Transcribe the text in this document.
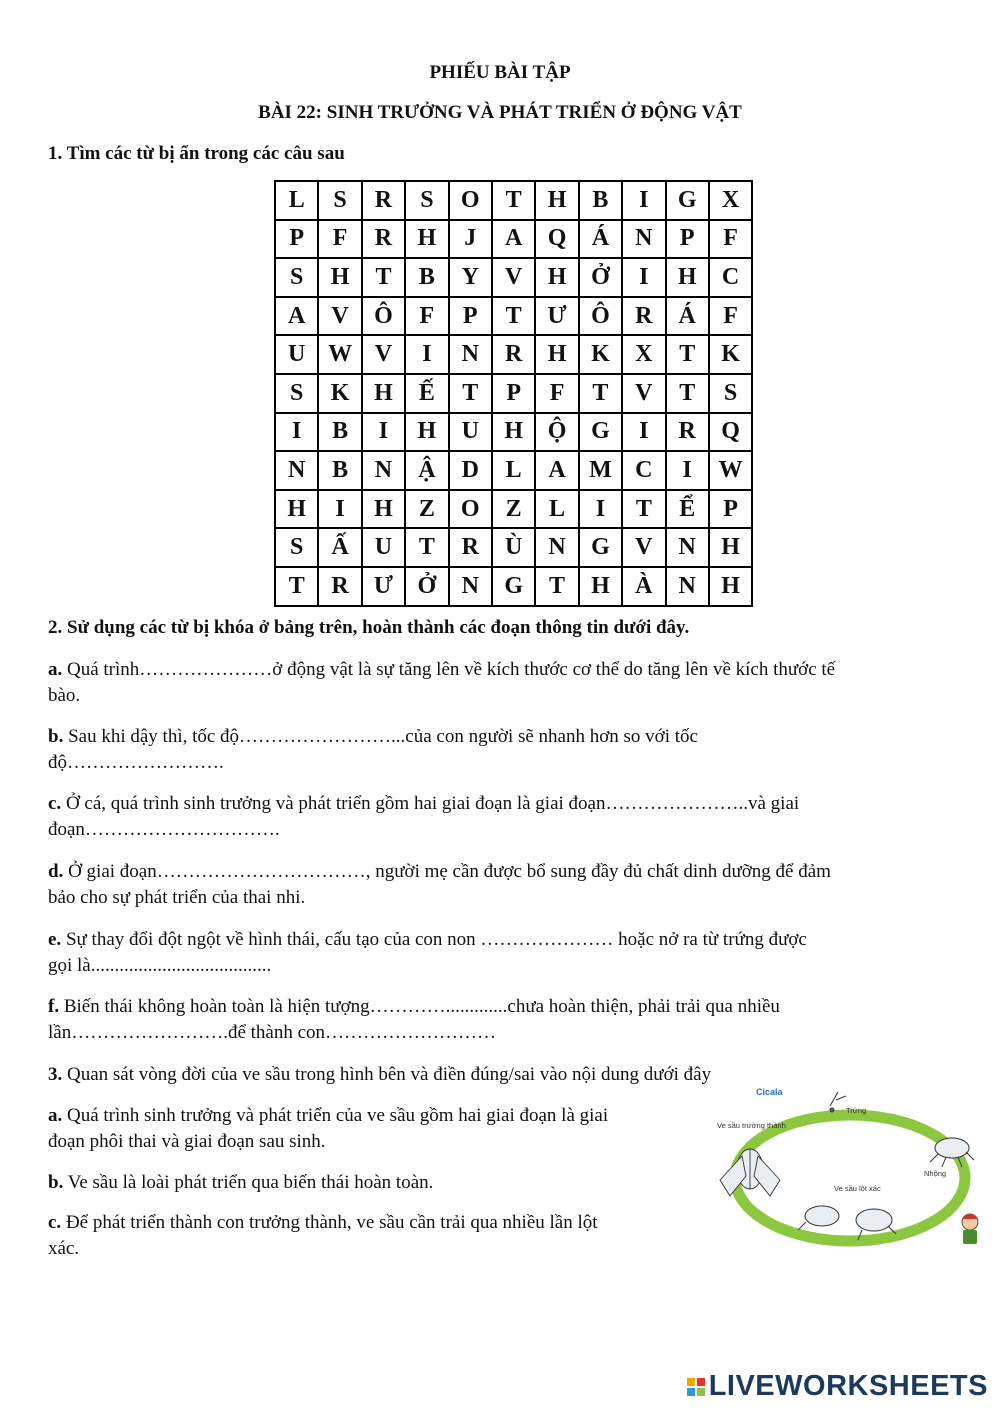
PHIẾU BÀI TẬP
BÀI 22: SINH TRƯỞNG VÀ PHÁT TRIỂN Ở ĐỘNG VẬT
1. Tìm các từ bị ẩn trong các câu sau
L	S	R	S	O	T	H	B	I	G	X
P	F	R	H	J	A	Q	Á	N	P	F
S	H	T	B	Y	V	H	Ở	I	H	C
A	V	Ô	F	P	T	Ư	Ô	R	Á	F
U	W	V	I	N	R	H	K	X	T	K
S	K	H	Ế	T	P	F	T	V	T	S
I	B	I	H	U	H	Ộ	G	I	R	Q
N	B	N	Ậ	D	L	A	M	C	I	W
H	I	H	Z	O	Z	L	I	T	Ể	P
S	Ấ	U	T	R	Ù	N	G	V	N	H
T	R	Ư	Ở	N	G	T	H	À	N	H
2. Sử dụng các từ bị khóa ở bảng trên, hoàn thành các đoạn thông tin dưới đây.
a. Quá trình…………………ở động vật là sự tăng lên về kích thước cơ thể do tăng lên về kích thước tế
bào.
b. Sau khi dậy thì, tốc độ……………………...của con người sẽ nhanh hơn so với tốc
độ…………………….
c. Ở cá, quá trình sinh trưởng và phát triển gồm hai giai đoạn là giai đoạn…………………..và giai
đoạn………………………….
d. Ở giai đoạn……………………………, người mẹ cần được bổ sung đầy đủ chất dinh dưỡng để đảm
bảo cho sự phát triển của thai nhi.
e. Sự thay đổi đột ngột về hình thái, cấu tạo của con non ………………… hoặc nở ra từ trứng được
gọi là......................................
f. Biến thái không hoàn toàn là hiện tượng………….............chưa hoàn thiện, phải trải qua nhiều
lần…………………….để thành con………………………
3. Quan sát vòng đời của ve sầu trong hình bên và điền đúng/sai vào nội dung dưới đây
a. Quá trình sinh trưởng và phát triển của ve sầu gồm hai giai đoạn là giai
đoạn phôi thai và giai đoạn sau sinh.
b. Ve sầu là loài phát triển qua biến thái hoàn toàn.
c. Để phát triển thành con trưởng thành, ve sầu cần trải qua nhiều lần lột
xác.
Cicala
Trứng
Ve sầu trưởng thành
Nhộng
Ve sầu lột xác
LIVEWORKSHEETS
